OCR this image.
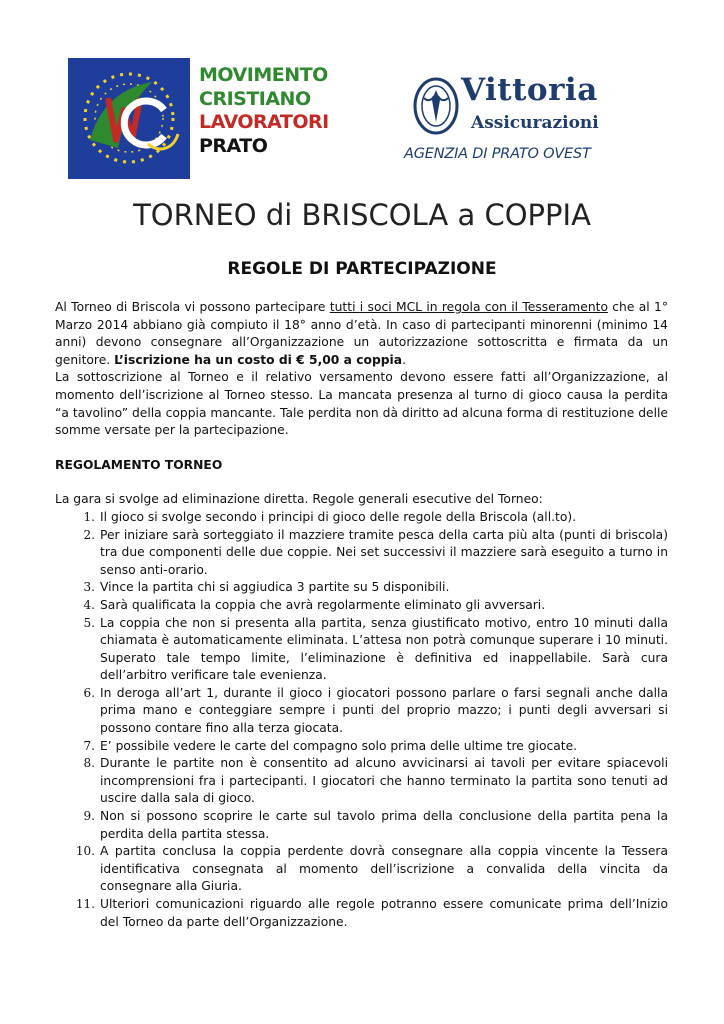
MOVIMENTO
CRISTIANO
LAVORATORI
PRATO
Vittoria
Assicurazioni
AGENZIA DI PRATO OVEST
TORNEO di BRISCOLA a COPPIA
REGOLE DI PARTECIPAZIONE

Al Torneo di Briscola vi possono partecipare tutti i soci MCL in regola con il Tesseramento che al 1° Marzo 2014 abbiano già compiuto il 18° anno d’età. In caso di partecipanti minorenni (minimo 14 anni) devono consegnare all’Organizzazione un autorizzazione sottoscritta e firmata da un genitore. L’iscrizione ha un costo di € 5,00 a coppia.

La sottoscrizione al Torneo e il relativo versamento devono essere fatti all’Organizzazione, al momento dell’iscrizione al Torneo stesso. La mancata presenza al turno di gioco causa la perdita “a tavolino” della coppia mancante. Tale perdita non dà diritto ad alcuna forma di restituzione delle somme versate per la partecipazione.

REGOLAMENTO TORNEO

La gara si svolge ad eliminazione diretta. Regole generali esecutive del Torneo:

1. Il gioco si svolge secondo i principi di gioco delle regole della Briscola (all.to).
2. Per iniziare sarà sorteggiato il mazziere tramite pesca della carta più alta (punti di briscola) tra due componenti delle due coppie. Nei set successivi il mazziere sarà eseguito a turno in senso anti-orario.
3. Vince la partita chi si aggiudica 3 partite su 5 disponibili.
4. Sarà qualificata la coppia che avrà regolarmente eliminato gli avversari.
5. La coppia che non si presenta alla partita, senza giustificato motivo, entro 10 minuti dalla chiamata è automaticamente eliminata. L’attesa non potrà comunque superare i 10 minuti. Superato tale tempo limite, l’eliminazione è definitiva ed inappellabile. Sarà cura dell’arbitro verificare tale evenienza.
6. In deroga all’art 1, durante il gioco i giocatori possono parlare o farsi segnali anche dalla prima mano e conteggiare sempre i punti del proprio mazzo; i punti degli avversari si possono contare fino alla terza giocata.
7. E’ possibile vedere le carte del compagno solo prima delle ultime tre giocate.
8. Durante le partite non è consentito ad alcuno avvicinarsi ai tavoli per evitare spiacevoli incomprensioni fra i partecipanti. I giocatori che hanno terminato la partita sono tenuti ad uscire dalla sala di gioco.
9. Non si possono scoprire le carte sul tavolo prima della conclusione della partita pena la perdita della partita stessa.
10. A partita conclusa la coppia perdente dovrà consegnare alla coppia vincente la Tessera identificativa consegnata al momento dell’iscrizione a convalida della vincita da consegnare alla Giuria.
11. Ulteriori comunicazioni riguardo alle regole potranno essere comunicate prima dell’Inizio del Torneo da parte dell’Organizzazione.
